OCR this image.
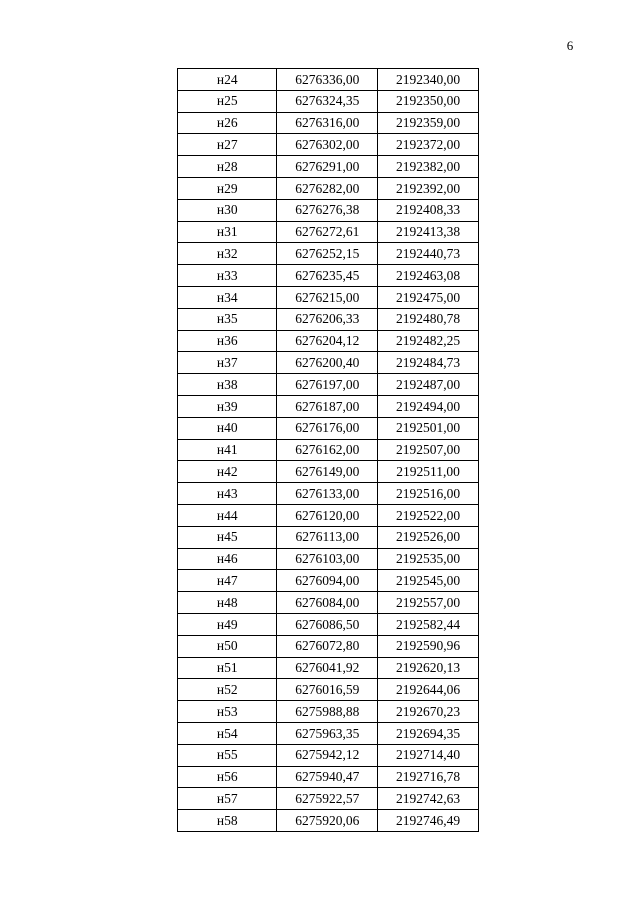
6
н24	6276336,00	2192340,00
н25	6276324,35	2192350,00
н26	6276316,00	2192359,00
н27	6276302,00	2192372,00
н28	6276291,00	2192382,00
н29	6276282,00	2192392,00
н30	6276276,38	2192408,33
н31	6276272,61	2192413,38
н32	6276252,15	2192440,73
н33	6276235,45	2192463,08
н34	6276215,00	2192475,00
н35	6276206,33	2192480,78
н36	6276204,12	2192482,25
н37	6276200,40	2192484,73
н38	6276197,00	2192487,00
н39	6276187,00	2192494,00
н40	6276176,00	2192501,00
н41	6276162,00	2192507,00
н42	6276149,00	2192511,00
н43	6276133,00	2192516,00
н44	6276120,00	2192522,00
н45	6276113,00	2192526,00
н46	6276103,00	2192535,00
н47	6276094,00	2192545,00
н48	6276084,00	2192557,00
н49	6276086,50	2192582,44
н50	6276072,80	2192590,96
н51	6276041,92	2192620,13
н52	6276016,59	2192644,06
н53	6275988,88	2192670,23
н54	6275963,35	2192694,35
н55	6275942,12	2192714,40
н56	6275940,47	2192716,78
н57	6275922,57	2192742,63
н58	6275920,06	2192746,49
